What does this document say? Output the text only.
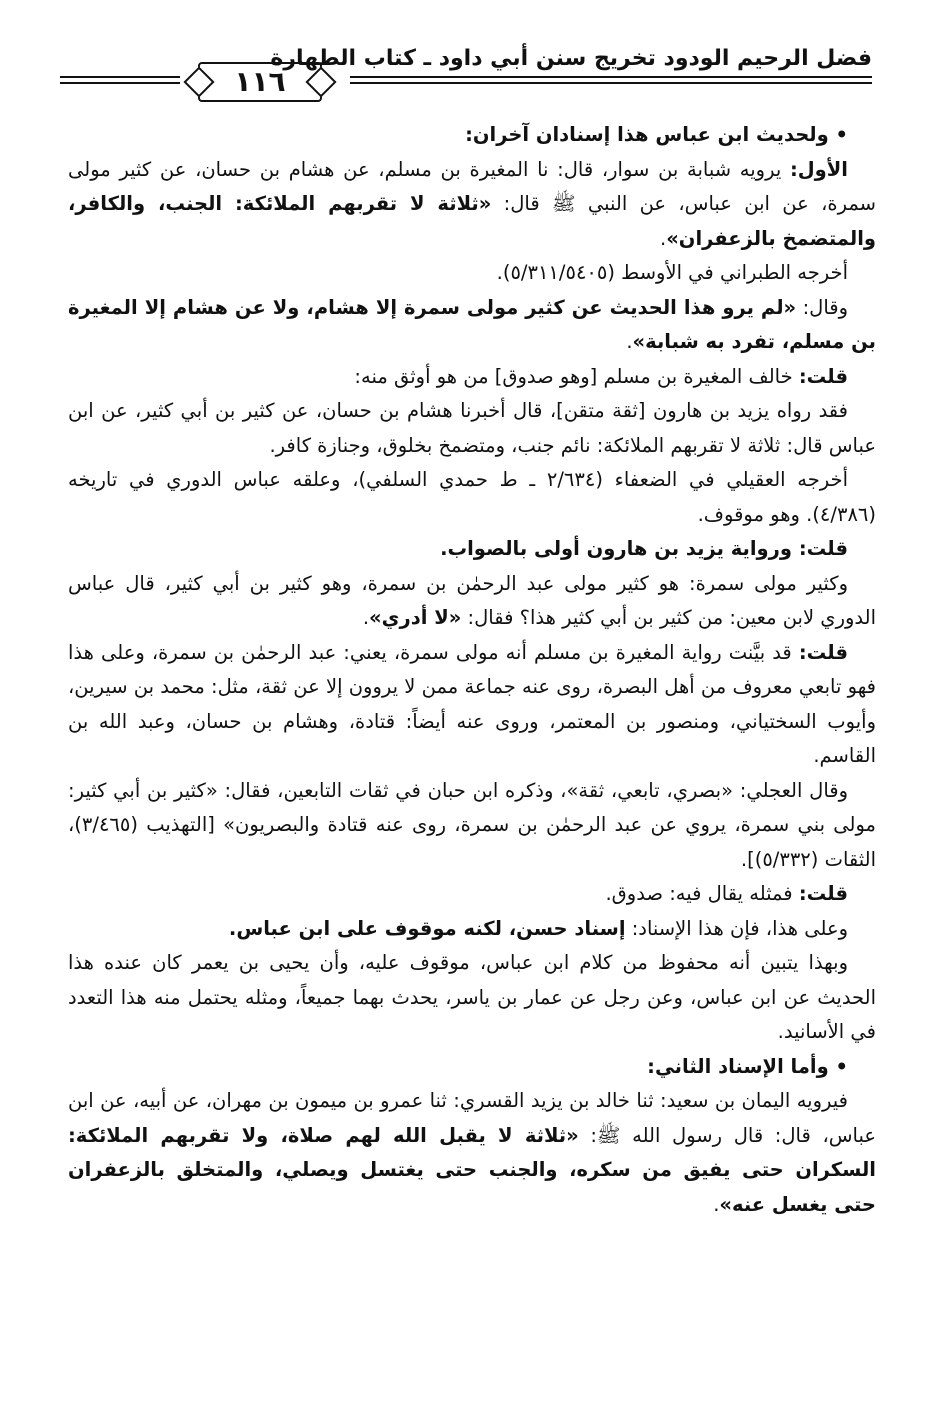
فضل الرحيم الودود تخريج سنن أبي داود ـ كتاب الطهارة
١١٦

• ولحديث ابن عباس هذا إسنادان آخران:

الأول: يرويه شبابة بن سوار، قال: نا المغيرة بن مسلم، عن هشام بن حسان، عن كثير مولى سمرة، عن ابن عباس، عن النبي ﷺ قال: «ثلاثة لا تقربهم الملائكة: الجنب، والكافر، والمتضمخ بالزعفران».

أخرجه الطبراني في الأوسط (٥/٣١١/٥٤٠٥).

وقال: «لم يرو هذا الحديث عن كثير مولى سمرة إلا هشام، ولا عن هشام إلا المغيرة بن مسلم، تفرد به شبابة».

قلت: خالف المغيرة بن مسلم [وهو صدوق] من هو أوثق منه:

فقد رواه يزيد بن هارون [ثقة متقن]، قال أخبرنا هشام بن حسان، عن كثير بن أبي كثير، عن ابن عباس قال: ثلاثة لا تقربهم الملائكة: نائم جنب، ومتضمخ بخلوق، وجنازة كافر.

أخرجه العقيلي في الضعفاء (٢/٦٣٤ ـ ط حمدي السلفي)، وعلقه عباس الدوري في تاريخه (٤/٣٨٦). وهو موقوف.

قلت: ورواية يزيد بن هارون أولى بالصواب.

وكثير مولى سمرة: هو كثير مولى عبد الرحمٰن بن سمرة، وهو كثير بن أبي كثير، قال عباس الدوري لابن معين: من كثير بن أبي كثير هذا؟ فقال: «لا أدري».

قلت: قد بيَّنت رواية المغيرة بن مسلم أنه مولى سمرة، يعني: عبد الرحمٰن بن سمرة، وعلى هذا فهو تابعي معروف من أهل البصرة، روى عنه جماعة ممن لا يروون إلا عن ثقة، مثل: محمد بن سيرين، وأيوب السختياني، ومنصور بن المعتمر، وروى عنه أيضاً: قتادة، وهشام بن حسان، وعبد الله بن القاسم.

وقال العجلي: «بصري، تابعي، ثقة»، وذكره ابن حبان في ثقات التابعين، فقال: «كثير بن أبي كثير: مولى بني سمرة، يروي عن عبد الرحمٰن بن سمرة، روى عنه قتادة والبصريون» [التهذيب (٣/٤٦٥)، الثقات (٥/٣٣٢)].

قلت: فمثله يقال فيه: صدوق.

وعلى هذا، فإن هذا الإسناد: إسناد حسن، لكنه موقوف على ابن عباس.

وبهذا يتبين أنه محفوظ من كلام ابن عباس، موقوف عليه، وأن يحيى بن يعمر كان عنده هذا الحديث عن ابن عباس، وعن رجل عن عمار بن ياسر، يحدث بهما جميعاً، ومثله يحتمل منه هذا التعدد في الأسانيد.

• وأما الإسناد الثاني:

فيرويه اليمان بن سعيد: ثنا خالد بن يزيد القسري: ثنا عمرو بن ميمون بن مهران، عن أبيه، عن ابن عباس، قال: قال رسول الله ﷺ: «ثلاثة لا يقبل الله لهم صلاة، ولا تقربهم الملائكة: السكران حتى يفيق من سكره، والجنب حتى يغتسل ويصلي، والمتخلق بالزعفران حتى يغسل عنه».
